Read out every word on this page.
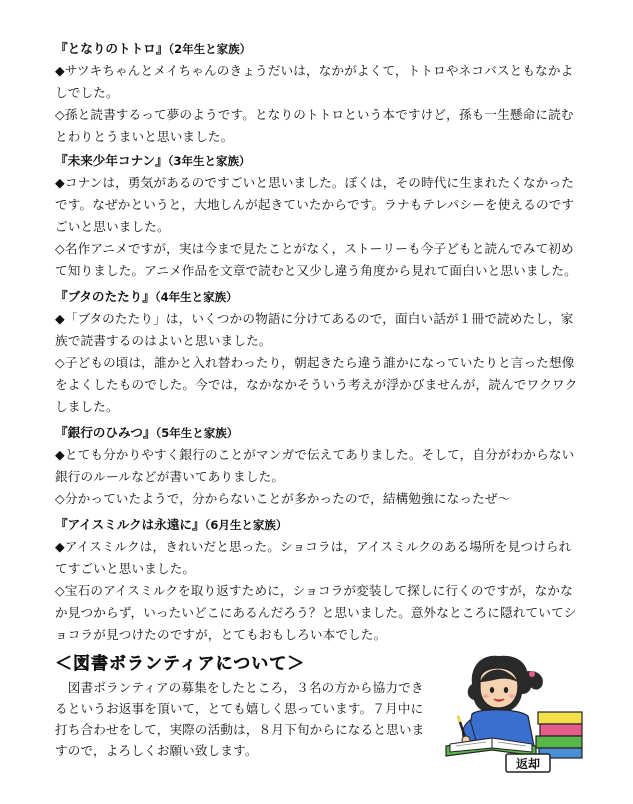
『となりのトトロ』（2年生と家族）
◆サツキちゃんとメイちゃんのきょうだいは，なかがよくて，トトロやネコバスともなかよ
しでした。
◇孫と読書するって夢のようです。となりのトトロという本ですけど，孫も一生懸命に読む
とわりとうまいと思いました。
『未来少年コナン』（3年生と家族）
◆コナンは，勇気があるのですごいと思いました。ぼくは，その時代に生まれたくなかった
です。なぜかというと，大地しんが起きていたからです。ラナもテレパシーを使えるのです
ごいと思いました。
◇名作アニメですが，実は今まで見たことがなく，ストーリーも今子どもと読んでみて初め
て知りました。アニメ作品を文章で読むと又少し違う角度から見れて面白いと思いました。
『ブタのたたり』（4年生と家族）
◆「ブタのたたり」は，いくつかの物語に分けてあるので，面白い話が１冊で読めたし，家
族で読書するのはよいと思いました。
◇子どもの頃は，誰かと入れ替わったり，朝起きたら違う誰かになっていたりと言った想像
をよくしたものでした。今では，なかなかそういう考えが浮かびませんが，読んでワクワク
しました。
『銀行のひみつ』（5年生と家族）
◆とても分かりやすく銀行のことがマンガで伝えてありました。そして，自分がわからない
銀行のルールなどが書いてありました。
◇分かっていたようで，分からないことが多かったので，結構勉強になったぜ～
『アイスミルクは永遠に』（6月生と家族）
◆アイスミルクは，きれいだと思った。ショコラは，アイスミルクのある場所を見つけられ
てすごいと思いました。
◇宝石のアイスミルクを取り返すために，ショコラが変装して探しに行くのですが，なかな
か見つからず，いったいどこにあるんだろう？と思いました。意外なところに隠れていてシ
ョコラが見つけたのですが，とてもおもしろい本でした。
＜図書ボランティアについて＞
　図書ボランティアの募集をしたところ，３名の方から協力でき
るというお返事を頂いて，とても嬉しく思っています。７月中に
打ち合わせをして，実際の活動は，８月下旬からになると思いま
すので，よろしくお願い致します。
返却
